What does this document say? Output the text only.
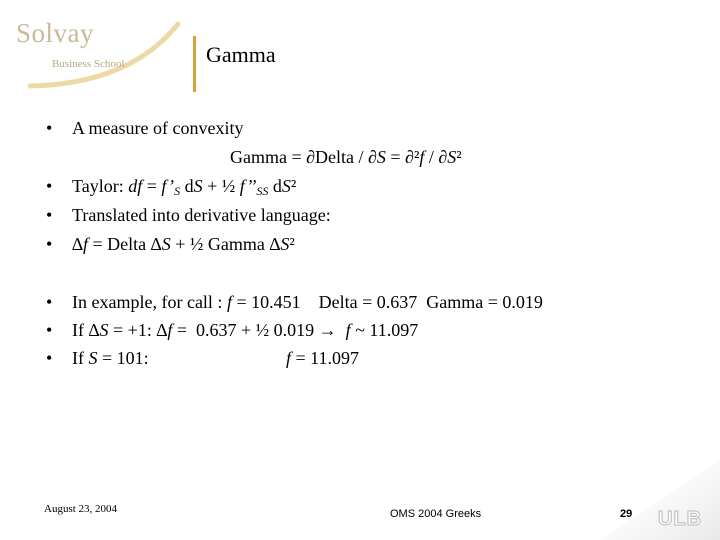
Solvay
Business School	Gamma
• A measure of convexity
Gamma = ∂Delta / ∂S = ∂²f / ∂S²
• Taylor: df = $f’_S$ dS + ½ $f’’_{SS}$ dS²
• Translated into derivative language:
• ∆f = Delta ∆S + ½ Gamma ∆S²
• In example, for call : f = 10.451    Delta = 0.637  Gamma = 0.019
• If ∆S = +1: ∆f =  0.637 + ½ 0.019 →  f ~ 11.097
• If S = 101:	f = 11.097
August 23, 2004	OMS 2004 Greeks	29 ULB
